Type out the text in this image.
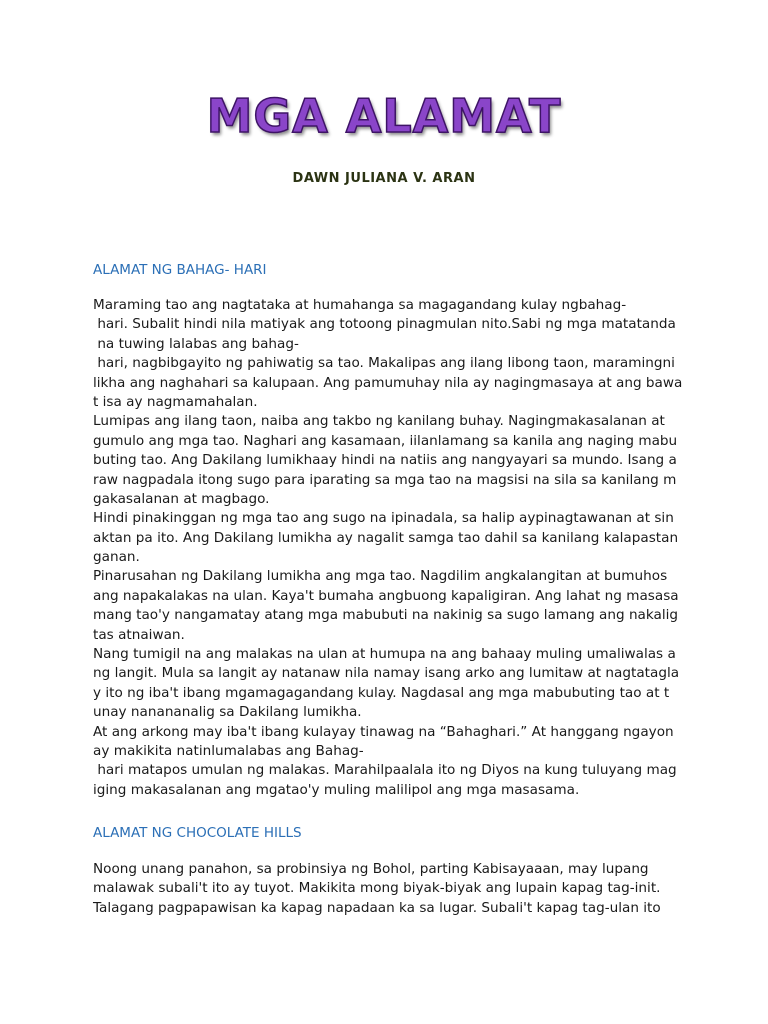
MGA ALAMAT
DAWN JULIANA V. ARAN
ALAMAT NG BAHAG- HARI
Maraming tao ang nagtataka at humahanga sa magagandang kulay ngbahag-
hari. Subalit hindi nila matiyak ang totoong pinagmulan nito.Sabi ng mga matatanda
na tuwing lalabas ang bahag-
hari, nagbibgayito ng pahiwatig sa tao. Makalipas ang ilang libong taon, maramingni
likha ang naghahari sa kalupaan. Ang pamumuhay nila ay nagingmasaya at ang bawa
t isa ay nagmamahalan.
Lumipas ang ilang taon, naiba ang takbo ng kanilang buhay. Nagingmakasalanan at
gumulo ang mga tao. Naghari ang kasamaan, iilanlamang sa kanila ang naging mabu
buting tao. Ang Dakilang lumikhaay hindi na natiis ang nangyayari sa mundo. Isang a
raw nagpadala itong sugo para iparating sa mga tao na magsisi na sila sa kanilang m
gakasalanan at magbago.
Hindi pinakinggan ng mga tao ang sugo na ipinadala, sa halip aypinagtawanan at sin
aktan pa ito. Ang Dakilang lumikha ay nagalit samga tao dahil sa kanilang kalapastan
ganan.
Pinarusahan ng Dakilang lumikha ang mga tao. Nagdilim angkalangitan at bumuhos
ang napakalakas na ulan. Kaya't bumaha angbuong kapaligiran. Ang lahat ng masasa
mang tao'y nangamatay atang mga mabubuti na nakinig sa sugo lamang ang nakalig
tas atnaiwan.
Nang tumigil na ang malakas na ulan at humupa na ang bahaay muling umaliwalas a
ng langit. Mula sa langit ay natanaw nila namay isang arko ang lumitaw at nagtatagla
y ito ng iba't ibang mgamagagandang kulay. Nagdasal ang mga mabubuting tao at t
unay nanananalig sa Dakilang lumikha.
At ang arkong may iba't ibang kulayay tinawag na “Bahaghari.” At hanggang ngayon
ay makikita natinlumalabas ang Bahag-
hari matapos umulan ng malakas. Marahilpaalala ito ng Diyos na kung tuluyang mag
iging makasalanan ang mgatao'y muling malilipol ang mga masasama.
ALAMAT NG CHOCOLATE HILLS
Noong unang panahon, sa probinsiya ng Bohol, parting Kabisayaaan, may lupang
malawak subali't ito ay tuyot. Makikita mong biyak-biyak ang lupain kapag tag-init.
Talagang pagpapawisan ka kapag napadaan ka sa lugar. Subali't kapag tag-ulan ito
